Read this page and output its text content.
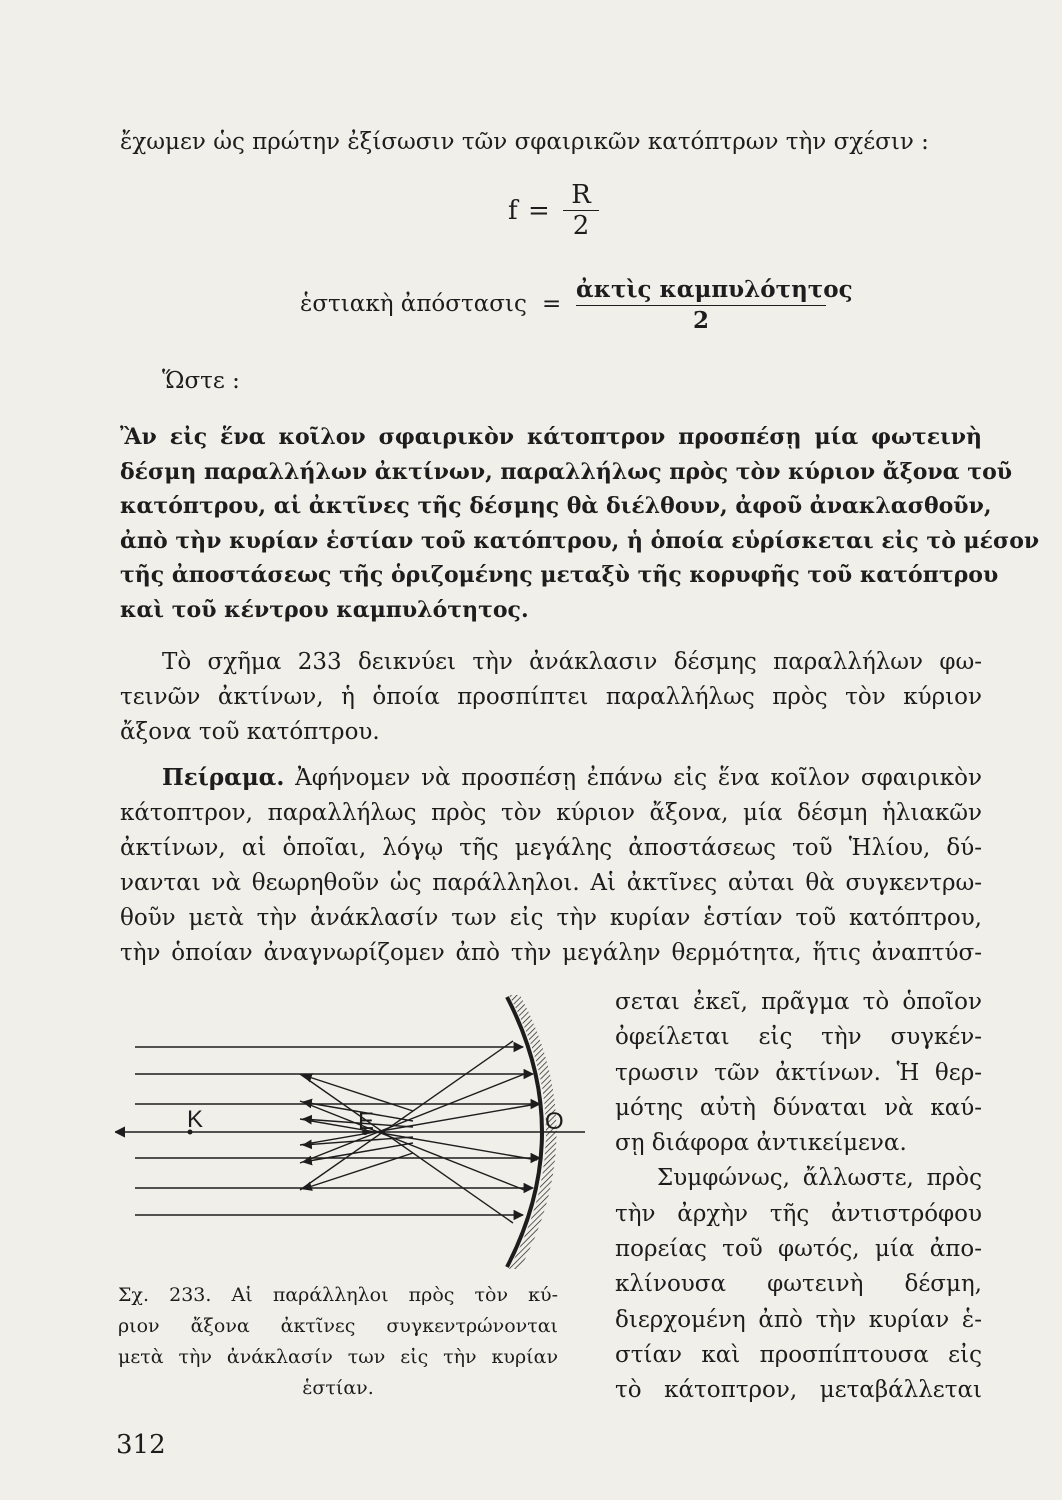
ἔχωμεν ὡς πρώτην ἐξίσωσιν τῶν σφαιρικῶν κατόπτρων τὴν σχέσιν :
$f = \frac{R}{2}$
ἑστιακὴ ἀπόστασις =
ἀκτὶς καμπυλότητος
2
Ὥστε :
Ἂν εἰς ἕνα κοῖλον σφαιρικὸν κάτοπτρον προσπέσῃ μία φωτεινὴ
δέσμη παραλλήλων ἀκτίνων, παραλλήλως πρὸς τὸν κύριον ἄξονα τοῦ
κατόπτρου, αἱ ἀκτῖνες τῆς δέσμης θὰ διέλθουν, ἀφοῦ ἀνακλασθοῦν,
ἀπὸ τὴν κυρίαν ἑστίαν τοῦ κατόπτρου, ἡ ὁποία εὑρίσκεται εἰς τὸ μέσον
τῆς ἀποστάσεως τῆς ὁριζομένης μεταξὺ τῆς κορυφῆς τοῦ κατόπτρου
καὶ τοῦ κέντρου καμπυλότητος.
Τὸ σχῆμα 233 δεικνύει τὴν ἀνάκλασιν δέσμης παραλλήλων φω-
τεινῶν ἀκτίνων, ἡ ὁποία προσπίπτει παραλλήλως πρὸς τὸν κύριον
ἄξονα τοῦ κατόπτρου.
Πείραμα. Ἀφήνομεν νὰ προσπέσῃ ἐπάνω εἰς ἕνα κοῖλον σφαιρικὸν
κάτοπτρον, παραλλήλως πρὸς τὸν κύριον ἄξονα, μία δέσμη ἡλιακῶν
ἀκτίνων, αἱ ὁποῖαι, λόγῳ τῆς μεγάλης ἀποστάσεως τοῦ Ἡλίου, δύ-
νανται νὰ θεωρηθοῦν ὡς παράλληλοι. Αἱ ἀκτῖνες αὐται θὰ συγκεντρω-
θοῦν μετὰ τὴν ἀνάκλασίν των εἰς τὴν κυρίαν ἑστίαν τοῦ κατόπτρου,
τὴν ὁποίαν ἀναγνωρίζομεν ἀπὸ τὴν μεγάλην θερμότητα, ἥτις ἀναπτύσ-
σεται ἐκεῖ, πρᾶγμα τὸ ὁποῖον
ὀφείλεται εἰς τὴν συγκέν-
τρωσιν τῶν ἀκτίνων. Ἡ θερ-
μότης αὐτὴ δύναται νὰ καύ-
σῃ διάφορα ἀντικείμενα.
Συμφώνως, ἄλλωστε, πρὸς
τὴν ἀρχὴν τῆς ἀντιστρόφου
πορείας τοῦ φωτός, μία ἀπο-
κλίνουσα φωτεινὴ δέσμη,
διερχομένη ἀπὸ τὴν κυρίαν ἑ-
στίαν καὶ προσπίπτουσα εἰς
τὸ κάτοπτρον, μεταβάλλεται
K	E	O
Σχ. 233. Αἱ παράλληλοι πρὸς τὸν κύ-
ριον ἄξονα ἀκτῖνες συγκεντρώνονται
μετὰ τὴν ἀνάκλασίν των εἰς τὴν κυρίαν
ἑστίαν.
312
